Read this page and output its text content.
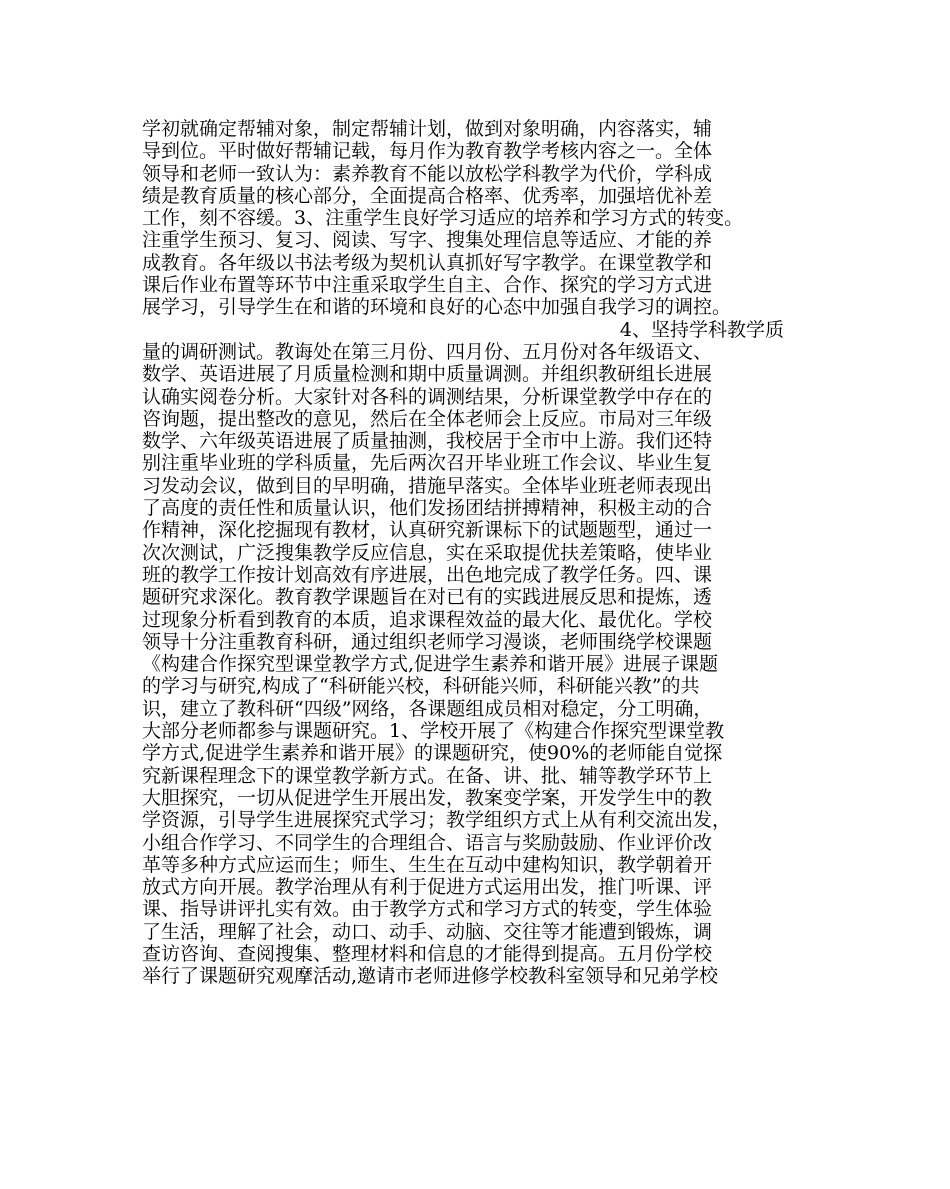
学初就确定帮辅对象，制定帮辅计划，做到对象明确，内容落实，辅
导到位。平时做好帮辅记载，每月作为教育教学考核内容之一。全体
领导和老师一致认为：素养教育不能以放松学科教学为代价，学科成
绩是教育质量的核心部分，全面提高合格率、优秀率，加强培优补差
工作，刻不容缓。3、注重学生良好学习适应的培养和学习方式的转变。
注重学生预习、复习、阅读、写字、搜集处理信息等适应、才能的养
成教育。各年级以书法考级为契机认真抓好写字教学。在课堂教学和
课后作业布置等环节中注重采取学生自主、合作、探究的学习方式进
展学习，引导学生在和谐的环境和良好的心态中加强自我学习的调控。
4、坚持学科教学质
量的调研测试。教诲处在第三月份、四月份、五月份对各年级语文、
数学、英语进展了月质量检测和期中质量调测。并组织教研组长进展
认确实阅卷分析。大家针对各科的调测结果，分析课堂教学中存在的
咨询题，提出整改的意见，然后在全体老师会上反应。市局对三年级
数学、六年级英语进展了质量抽测，我校居于全市中上游。我们还特
别注重毕业班的学科质量，先后两次召开毕业班工作会议、毕业生复
习发动会议，做到目的早明确，措施早落实。全体毕业班老师表现出
了高度的责任性和质量认识，他们发扬团结拼搏精神，积极主动的合
作精神，深化挖掘现有教材，认真研究新课标下的试题题型，通过一
次次测试，广泛搜集教学反应信息，实在采取提优扶差策略，使毕业
班的教学工作按计划高效有序进展，出色地完成了教学任务。四、课
题研究求深化。教育教学课题旨在对已有的实践进展反思和提炼，透
过现象分析看到教育的本质，追求课程效益的最大化、最优化。学校
领导十分注重教育科研，通过组织老师学习漫谈，老师围绕学校课题
《构建合作探究型课堂教学方式,促进学生素养和谐开展》进展子课题
的学习与研究,构成了“科研能兴校，科研能兴师，科研能兴教”的共
识，建立了教科研“四级”网络，各课题组成员相对稳定，分工明确，
大部分老师都参与课题研究。1、学校开展了《构建合作探究型课堂教
学方式,促进学生素养和谐开展》的课题研究，使90%的老师能自觉探
究新课程理念下的课堂教学新方式。在备、讲、批、辅等教学环节上
大胆探究，一切从促进学生开展出发，教案变学案，开发学生中的教
学资源，引导学生进展探究式学习；教学组织方式上从有利交流出发，
小组合作学习、不同学生的合理组合、语言与奖励鼓励、作业评价改
革等多种方式应运而生；师生、生生在互动中建构知识，教学朝着开
放式方向开展。教学治理从有利于促进方式运用出发，推门听课、评
课、指导讲评扎实有效。由于教学方式和学习方式的转变，学生体验
了生活，理解了社会，动口、动手、动脑、交往等才能遭到锻炼，调
查访咨询、查阅搜集、整理材料和信息的才能得到提高。五月份学校
举行了课题研究观摩活动,邀请市老师进修学校教科室领导和兄弟学校
